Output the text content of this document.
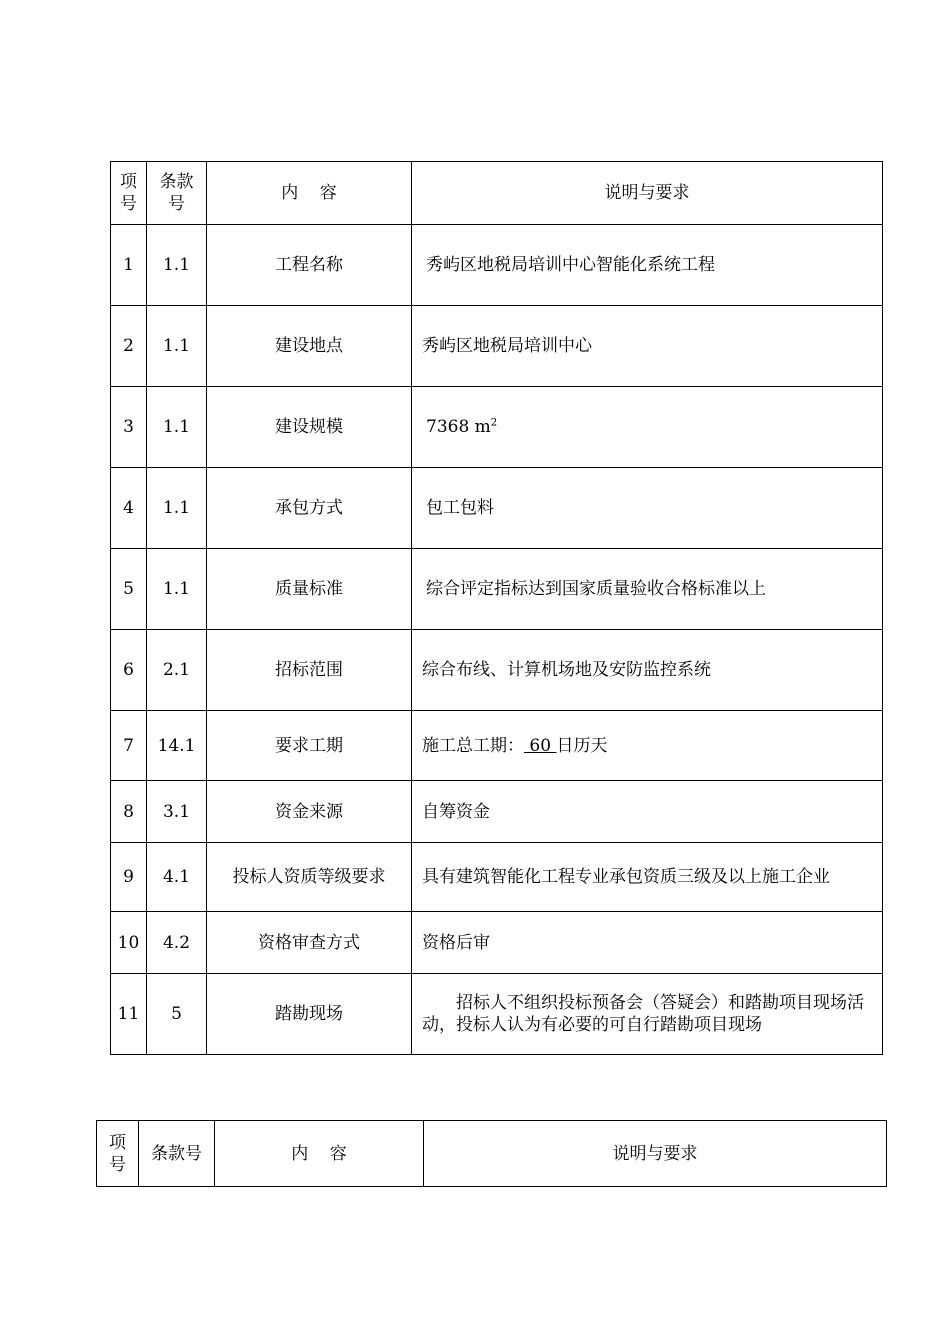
项号	条款号	内    容	说明与要求
1	1.1	工程名称	秀屿区地税局培训中心智能化系统工程
2	1.1	建设地点	秀屿区地税局培训中心
3	1.1	建设规模	7368 $m^2$
4	1.1	承包方式	包工包料
5	1.1	质量标准	综合评定指标达到国家质量验收合格标准以上
6	2.1	招标范围	综合布线、计算机场地及安防监控系统
7	14.1	要求工期	施工总工期： 60 日历天
8	3.1	资金来源	自筹资金
9	4.1	投标人资质等级要求	具有建筑智能化工程专业承包资质三级及以上施工企业
10	4.2	资格审查方式	资格后审
11	5	踏勘现场	招标人不组织投标预备会（答疑会）和踏勘项目现场活动，投标人认为有必要的可自行踏勘项目现场
项号	条款号	内    容	说明与要求
